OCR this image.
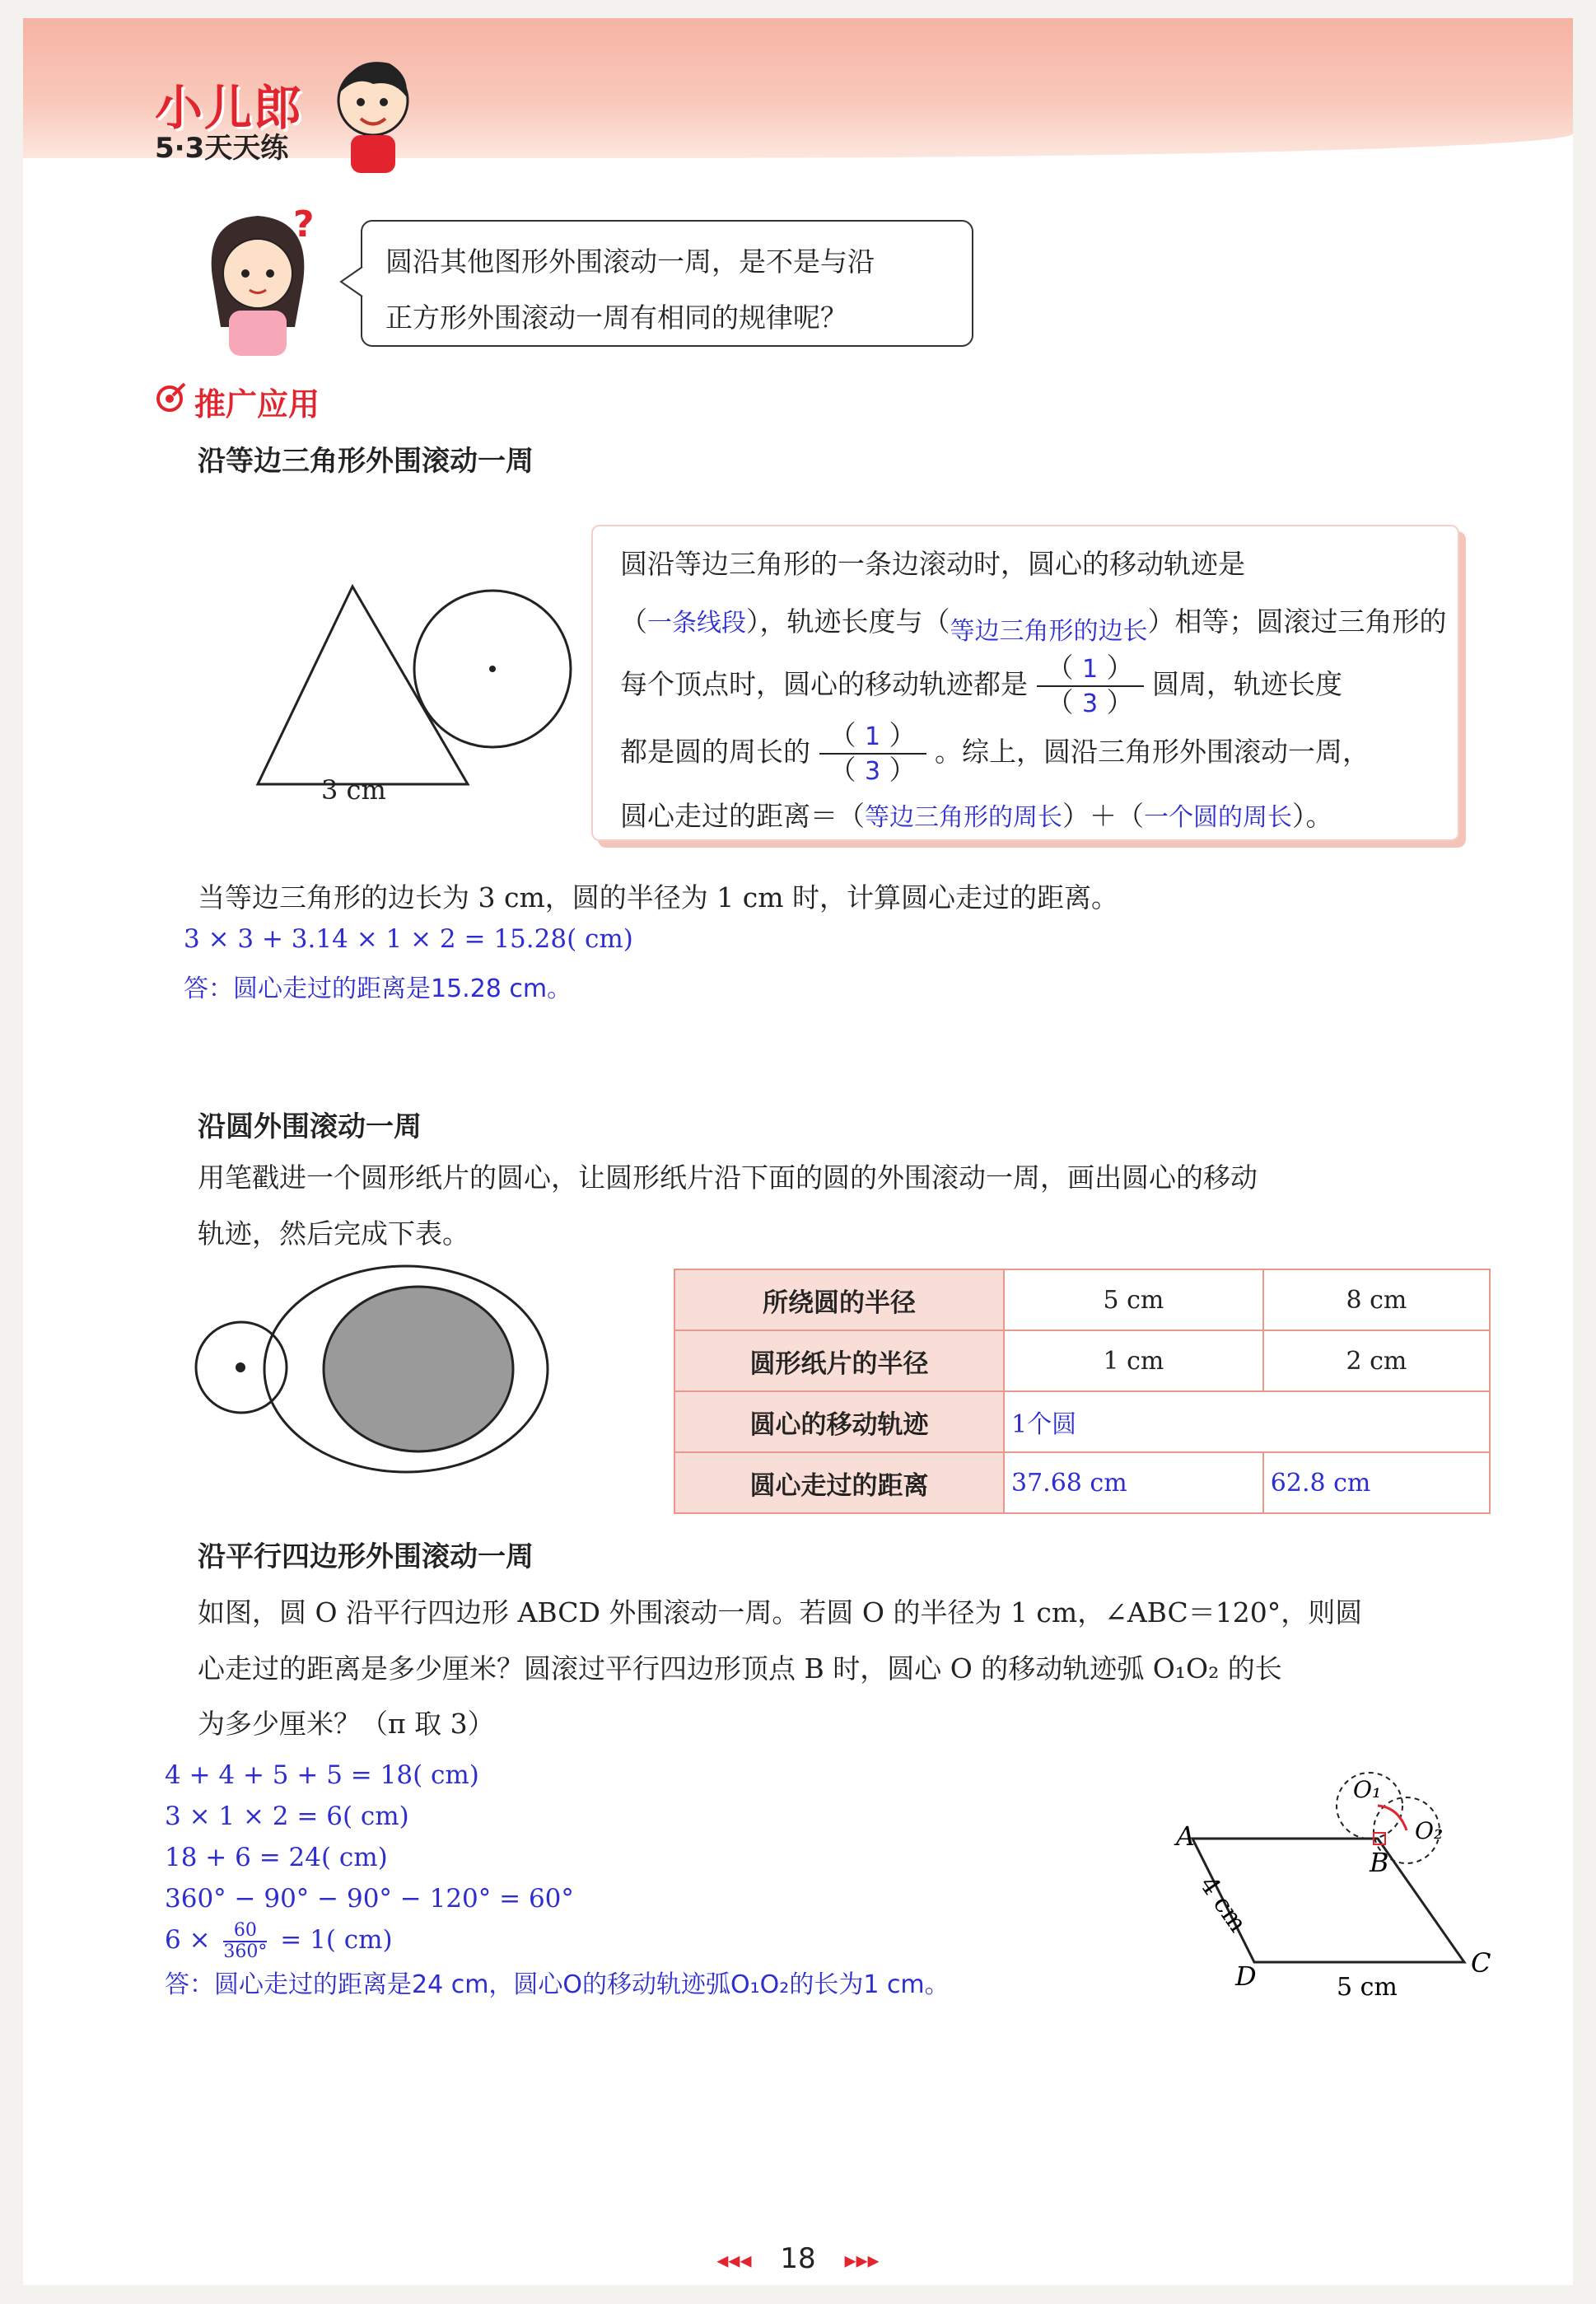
小儿郎
5·3天天练
?
圆沿其他图形外围滚动一周，是不是与沿
正方形外围滚动一周有相同的规律呢？
推广应用
沿等边三角形外围滚动一周
3 cm
圆沿等边三角形的一条边滚动时，圆心的移动轨迹是
（一条线段），轨迹长度与（ 等边三角形的边长 ）相等；圆滚过三角形的
每个顶点时，圆心的移动轨迹都是 $\frac{( 1 )}{( 3 )}$ 圆周，轨迹长度
都是圆的周长的 $\frac{( 1 )}{( 3 )}$ 。综上，圆沿三角形外围滚动一周，
圆心走过的距离＝（等边三角形的周长）＋（一个圆的周长）。
当等边三角形的边长为 3 cm，圆的半径为 1 cm 时，计算圆心走过的距离。
3 × 3 + 3.14 × 1 × 2 = 15.28( cm)
答：圆心走过的距离是15.28 cm。
沿圆外围滚动一周
用笔戳进一个圆形纸片的圆心，让圆形纸片沿下面的圆的外围滚动一周，画出圆心的移动
轨迹，然后完成下表。
所绕圆的半径	5 cm	8 cm
圆形纸片的半径	1 cm	2 cm
圆心的移动轨迹	1个圆	
圆心走过的距离	37.68 cm	62.8 cm
沿平行四边形外围滚动一周
如图，圆 O 沿平行四边形 ABCD 外围滚动一周。若圆 O 的半径为 1 cm，∠ABC＝120°，则圆
心走过的距离是多少厘米？圆滚过平行四边形顶点 B 时，圆心 O 的移动轨迹弧 O₁O₂ 的长
为多少厘米？（π 取 3）
4 + 4 + 5 + 5 = 18( cm)
3 × 1 × 2 = 6( cm)
18 + 6 = 24( cm)
360° − 90° − 90° − 120° = 60°
$6 \times \frac{60}{360^\circ} = 1$( cm)
答：圆心走过的距离是24 cm，圆心O的移动轨迹弧O₁O₂的长为1 cm。
A
B
C
D
O₁
O₂
4 cm
5 cm
◂◂◂ 18 ▸▸▸
